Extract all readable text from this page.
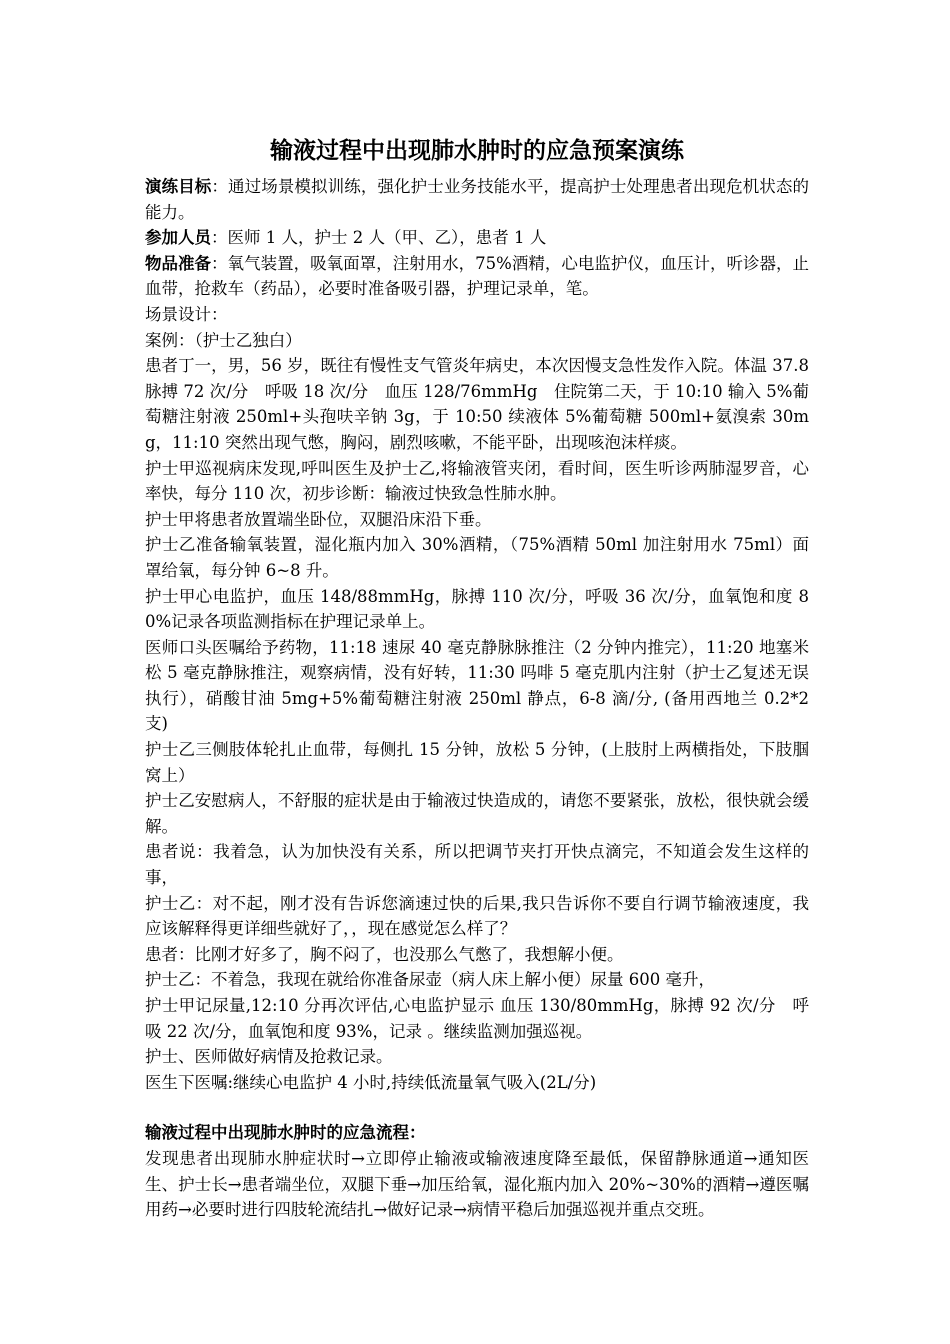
输液过程中出现肺水肿时的应急预案演练

演练目标：通过场景模拟训练，强化护士业务技能水平，提高护士处理患者出现危机状态的能力。

参加人员：医师 1 人，护士 2 人（甲、乙），患者 1 人

物品准备：氧气装置，吸氧面罩，注射用水，75%酒精，心电监护仪，血压计，听诊器，止血带，抢救车（药品），必要时准备吸引器，护理记录单，笔。

场景设计：

案例：（护士乙独白）

患者丁一，男，56 岁，既往有慢性支气管炎年病史，本次因慢支急性发作入院。体温 37.8　脉搏 72 次/分　呼吸 18 次/分　血压 128/76mmHg　住院第二天，于 10:10 输入 5%葡萄糖注射液 250ml+头孢呋辛钠 3g，于 10:50 续液体 5%葡萄糖 500ml+氨溴索 30mg，11:10 突然出现气憋，胸闷，剧烈咳嗽，不能平卧，出现咳泡沫样痰。

护士甲巡视病床发现,呼叫医生及护士乙,将输液管夹闭，看时间，医生听诊两肺湿罗音，心率快，每分 110 次，初步诊断：输液过快致急性肺水肿。

护士甲将患者放置端坐卧位，双腿沿床沿下垂。

护士乙准备输氧装置，湿化瓶内加入 30%酒精，（75%酒精 50ml 加注射用水 75ml）面罩给氧，每分钟 6~8 升。

护士甲心电监护，血压 148/88mmHg，脉搏 110 次/分，呼吸 36 次/分，血氧饱和度 80%记录各项监测指标在护理记录单上。

医师口头医嘱给予药物，11:18 速尿 40 毫克静脉脉推注（2 分钟内推完），11:20 地塞米松 5 毫克静脉推注，观察病情，没有好转，11:30 吗啡 5 毫克肌内注射（护士乙复述无误执行），硝酸甘油 5mg+5%葡萄糖注射液 250ml 静点，6-8 滴/分, (备用西地兰 0.2*2 支)

护士乙三侧肢体轮扎止血带，每侧扎 15 分钟，放松 5 分钟，(上肢肘上两横指处，下肢腘窝上）

护士乙安慰病人，不舒服的症状是由于输液过快造成的，请您不要紧张，放松，很快就会缓解。

患者说：我着急，认为加快没有关系，所以把调节夹打开快点滴完，不知道会发生这样的事，

护士乙：对不起，刚才没有告诉您滴速过快的后果,我只告诉你不要自行调节输液速度，我应该解释得更详细些就好了，，现在感觉怎么样了？

患者：比刚才好多了，胸不闷了，也没那么气憋了，我想解小便。

护士乙：不着急，我现在就给你准备尿壶（病人床上解小便）尿量 600 毫升，

护士甲记尿量,12:10 分再次评估,心电监护显示 血压 130/80mmHg，脉搏 92 次/分　呼吸 22 次/分，血氧饱和度 93%，记录 。继续监测加强巡视。

护士、医师做好病情及抢救记录。

医生下医嘱:继续心电监护 4 小时,持续低流量氧气吸入(2L/分)

输液过程中出现肺水肿时的应急流程：

发现患者出现肺水肿症状时→立即停止输液或输液速度降至最低，保留静脉通道→通知医生、护士长→患者端坐位，双腿下垂→加压给氧，湿化瓶内加入 20%~30%的酒精→遵医嘱用药→必要时进行四肢轮流结扎→做好记录→病情平稳后加强巡视并重点交班。
